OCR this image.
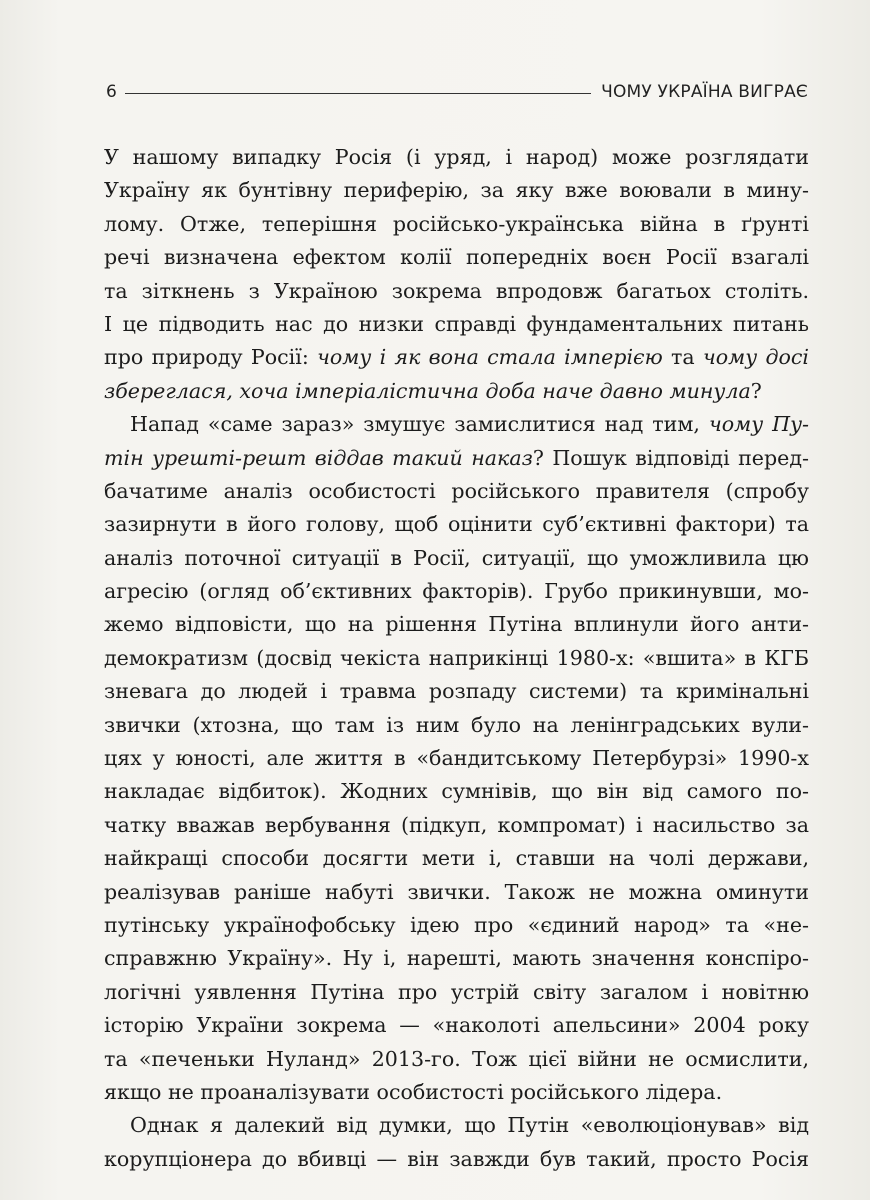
6	ЧОМУ УКРАЇНА ВИГРАЄ
У нашому випадку Росія (і уряд, і народ) може розглядати
Україну як бунтівну периферію, за яку вже воювали в мину-
лому. Отже, теперішня російсько-українська війна в ґрунті
речі визначена ефектом колії попередніх воєн Росії взагалі
та зіткнень з Україною зокрема впродовж багатьох століть.
І це підводить нас до низки справді фундаментальних питань
про природу Росії: чому і як вона стала імперією та чому досі
збереглася, хоча імперіалістична доба наче давно минула?
Напад «саме зараз» змушує замислитися над тим, чому Пу-
тін урешті-решт віддав такий наказ? Пошук відповіді перед-
бачатиме аналіз особистості російського правителя (спробу
зазирнути в його голову, щоб оцінити суб’єктивні фактори) та
аналіз поточної ситуації в Росії, ситуації, що уможливила цю
агресію (огляд об’єктивних факторів). Грубо прикинувши, мо-
жемо відповісти, що на рішення Путіна вплинули його анти-
демократизм (досвід чекіста наприкінці 1980-х: «вшита» в КГБ
зневага до людей і травма розпаду системи) та кримінальні
звички (хтозна, що там із ним було на ленінградських вули-
цях у юності, але життя в «бандитському Петербурзі» 1990-х
накладає відбиток). Жодних сумнівів, що він від самого по-
чатку вважав вербування (підкуп, компромат) і насильство за
найкращі способи досягти мети і, ставши на чолі держави,
реалізував раніше набуті звички. Також не можна оминути
путінську українофобську ідею про «єдиний народ» та «не-
справжню Україну». Ну і, нарешті, мають значення конспіро-
логічні уявлення Путіна про устрій світу загалом і новітню
історію України зокрема — «наколоті апельсини» 2004 року
та «печеньки Нуланд» 2013-го. Тож цієї війни не осмислити,
якщо не проаналізувати особистості російського лідера.
Однак я далекий від думки, що Путін «еволюціонував» від
корупціонера до вбивці — він завжди був такий, просто Росія
